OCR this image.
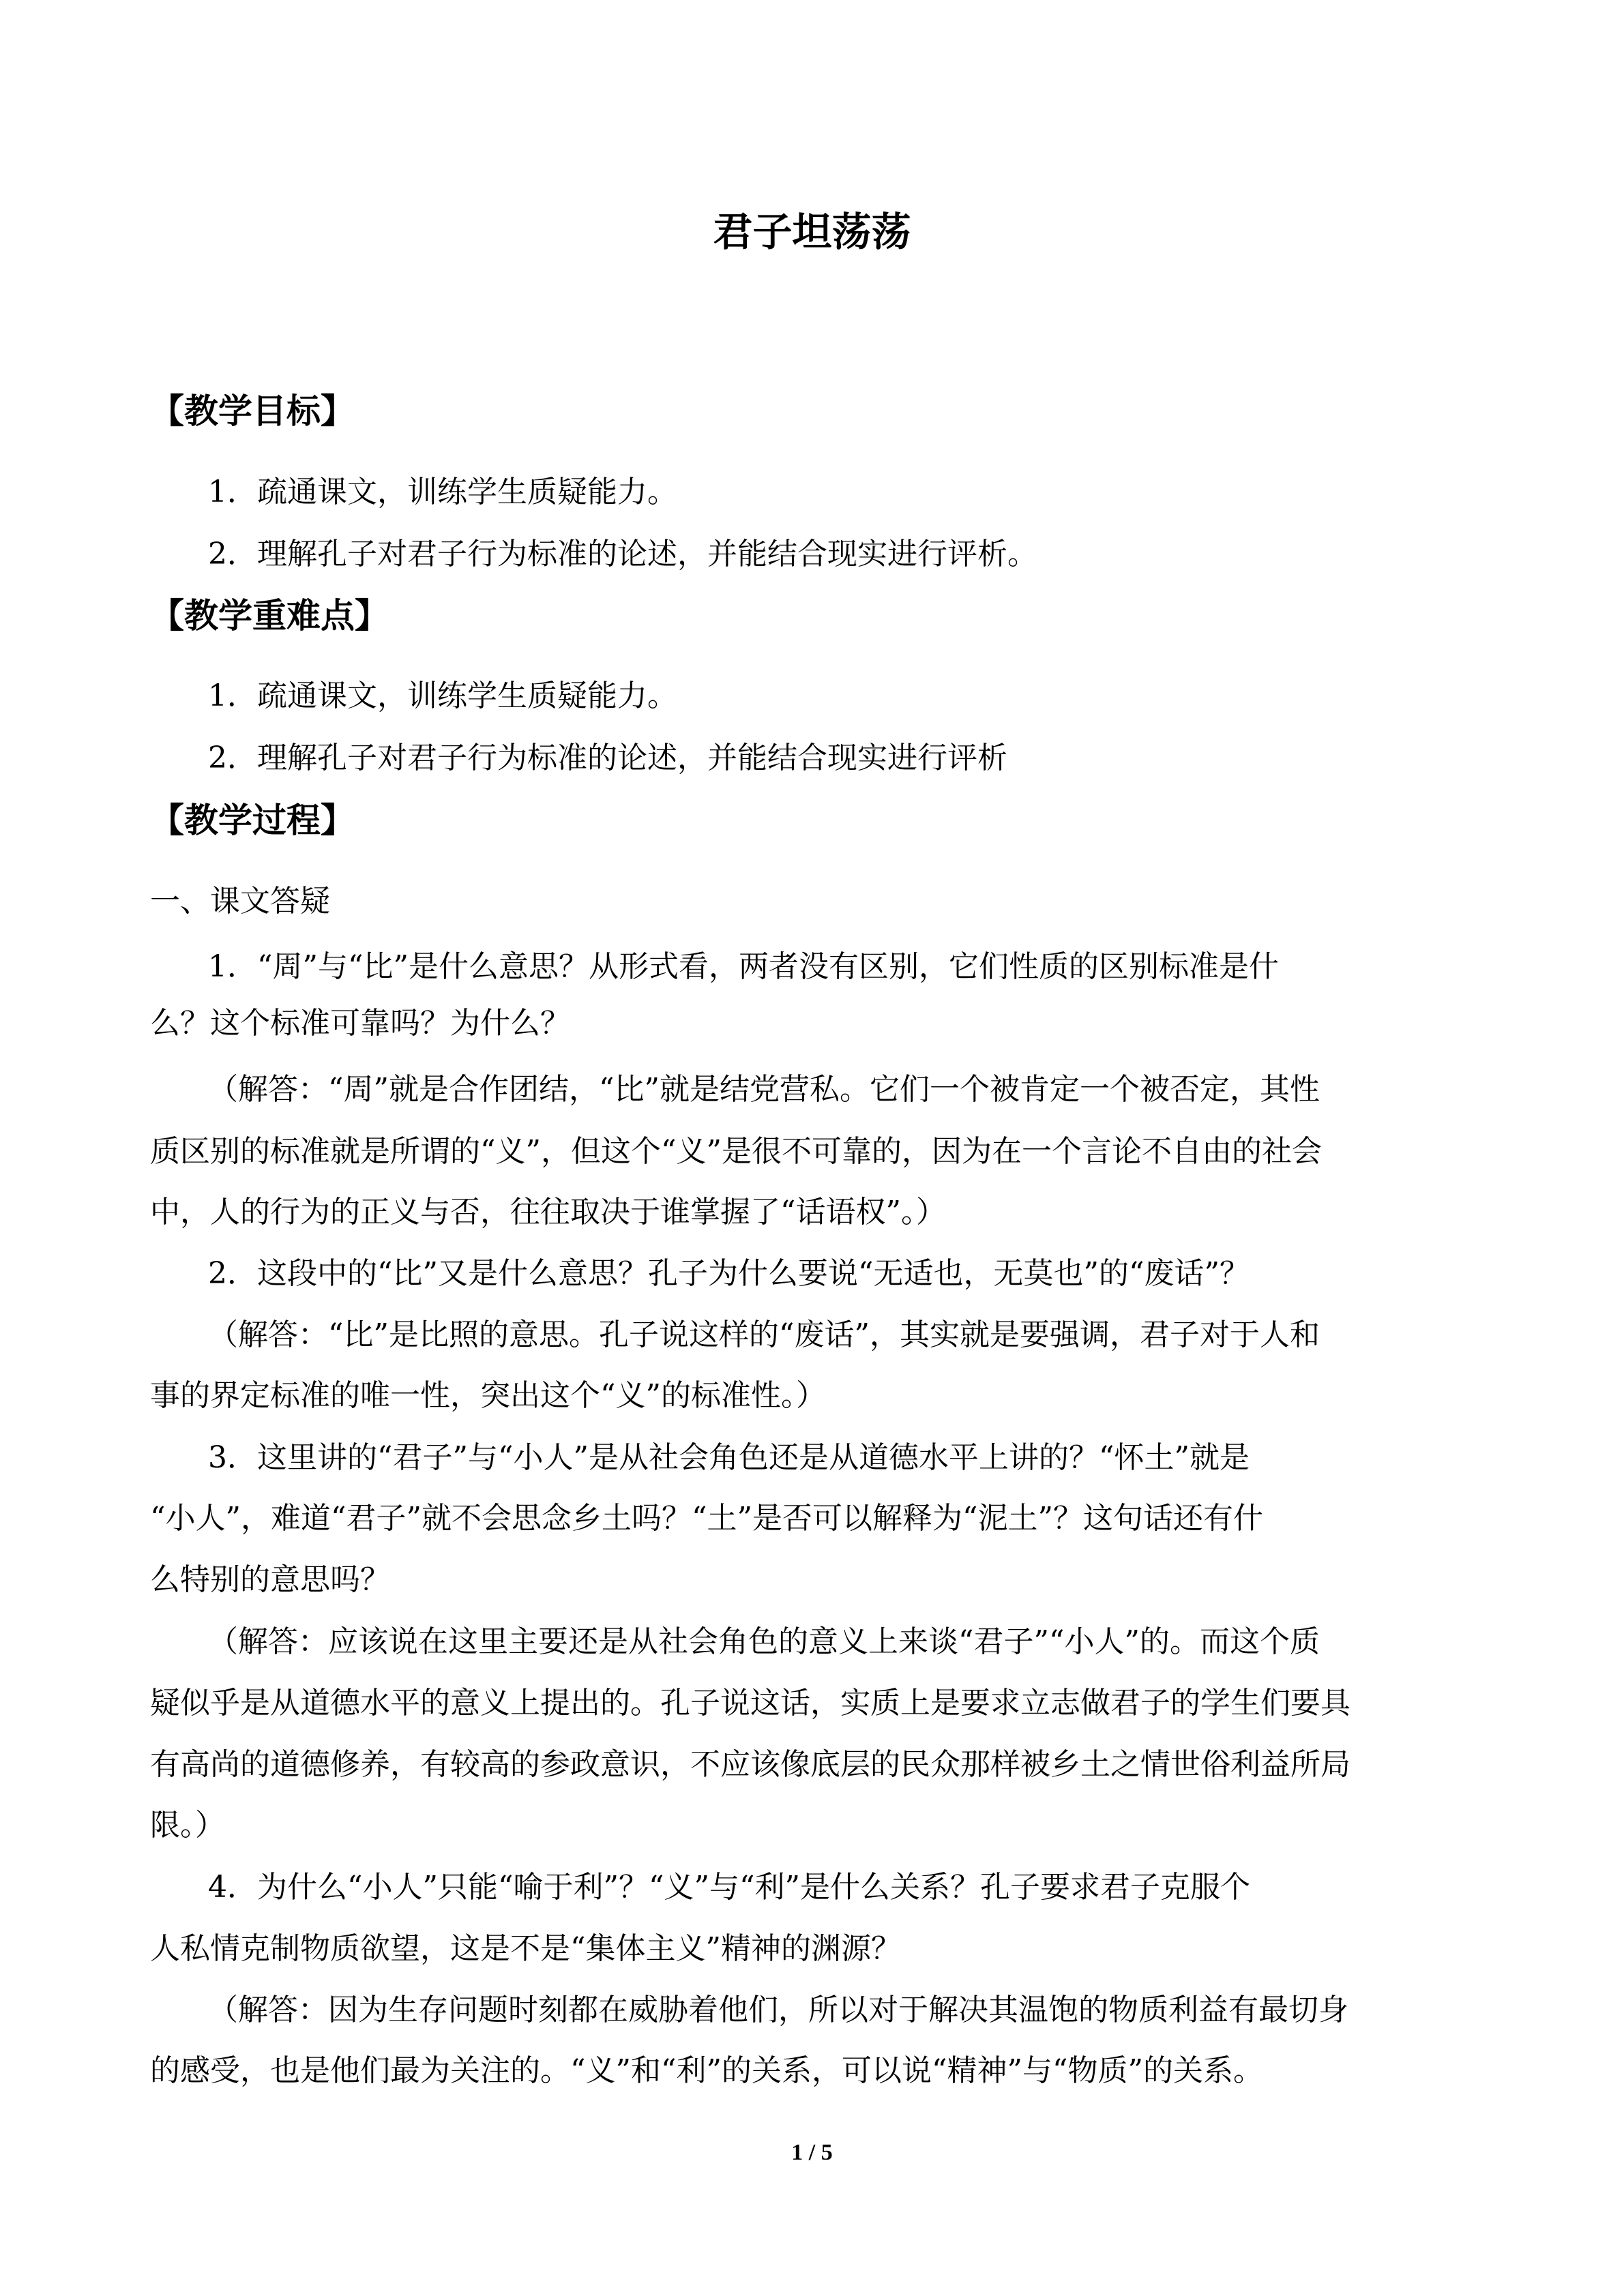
君子坦荡荡
【教学目标】

1．疏通课文，训练学生质疑能力。

2．理解孔子对君子行为标准的论述，并能结合现实进行评析。

【教学重难点】

1．疏通课文，训练学生质疑能力。

2．理解孔子对君子行为标准的论述，并能结合现实进行评析

【教学过程】

一、课文答疑

1．“周”与“比”是什么意思？从形式看，两者没有区别，它们性质的区别标准是什

么？这个标准可靠吗？为什么？

（解答：“周”就是合作团结，“比”就是结党营私。它们一个被肯定一个被否定，其性

质区别的标准就是所谓的“义”，但这个“义”是很不可靠的，因为在一个言论不自由的社会

中，人的行为的正义与否，往往取决于谁掌握了“话语权”。）

2．这段中的“比”又是什么意思？孔子为什么要说“无适也，无莫也”的“废话”？

（解答：“比”是比照的意思。孔子说这样的“废话”，其实就是要强调，君子对于人和

事的界定标准的唯一性，突出这个“义”的标准性。）

3．这里讲的“君子”与“小人”是从社会角色还是从道德水平上讲的？“怀土”就是

“小人”，难道“君子”就不会思念乡土吗？“土”是否可以解释为“泥土”？这句话还有什

么特别的意思吗？

（解答：应该说在这里主要还是从社会角色的意义上来谈“君子”“小人”的。而这个质

疑似乎是从道德水平的意义上提出的。孔子说这话，实质上是要求立志做君子的学生们要具

有高尚的道德修养，有较高的参政意识，不应该像底层的民众那样被乡土之情世俗利益所局

限。）

4．为什么“小人”只能“喻于利”？“义”与“利”是什么关系？孔子要求君子克服个

人私情克制物质欲望，这是不是“集体主义”精神的渊源？

（解答：因为生存问题时刻都在威胁着他们，所以对于解决其温饱的物质利益有最切身

的感受，也是他们最为关注的。“义”和“利”的关系，可以说“精神”与“物质”的关系。

1 / 5
